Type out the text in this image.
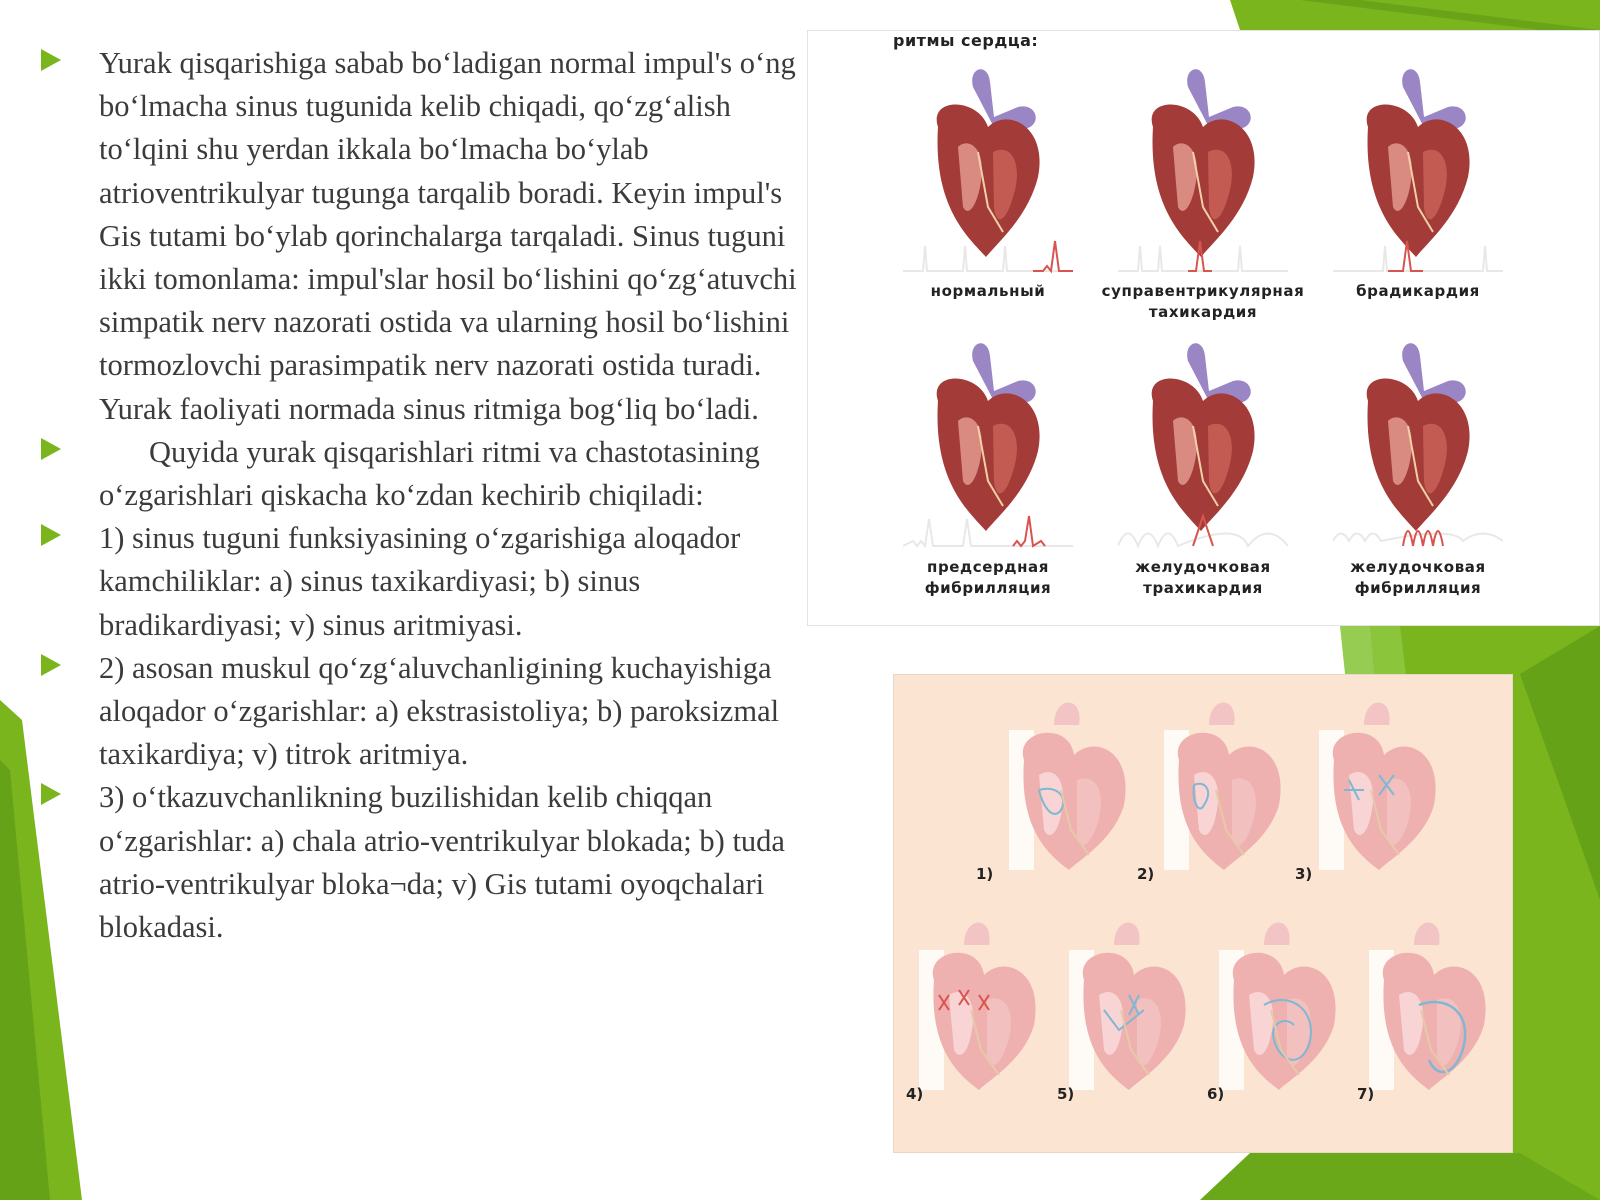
Yurak qisqarishiga sabab bo‘ladigan normal impul's o‘ng bo‘lmacha sinus tugunida kelib chiqadi, qo‘zg‘alish to‘lqini shu yerdan ikkala bo‘lmacha bo‘ylab atrioventrikulyar tugunga tarqalib boradi. Keyin impul's Gis tutami bo‘ylab qorinchalarga tarqaladi. Sinus tuguni ikki tomonlama: impul'slar hosil bo‘lishini qo‘zg‘atuvchi simpatik nerv nazorati ostida va ularning hosil bo‘lishini tormozlovchi parasimpatik nerv nazorati ostida turadi. Yurak faoliyati normada sinus ritmiga bog‘liq bo‘ladi.
Quyida yurak qisqarishlari ritmi va chastotasining o‘zgarishlari qiskacha ko‘zdan kechirib chiqiladi:
1) sinus tuguni funksiyasining o‘zgarishiga aloqador kamchiliklar: a) sinus taxikardiyasi; b) sinus bradikardiyasi; v) sinus aritmiyasi.
2) asosan muskul qo‘zg‘aluvchanligining kuchayishiga aloqador o‘zgarishlar: a) ekstrasistoliya; b) paroksizmal taxikardiya; v) titrok aritmiya.
3) o‘tkazuvchanlikning buzilishidan kelib chiqqan o‘zgarishlar: a) chala atrio-ventrikulyar blokada; b) tuda atrio-ventrikulyar bloka¬da; v) Gis tutami oyoqchalari blokadasi.
ритмы сердца:
нормальный	суправентрикулярная
тахикардия
брадикардия
предсердная
фибрилляция
желудочковая
трахикардия
желудочковая
фибрилляция
1)	2)	3)
4)	5)	6)	7)
